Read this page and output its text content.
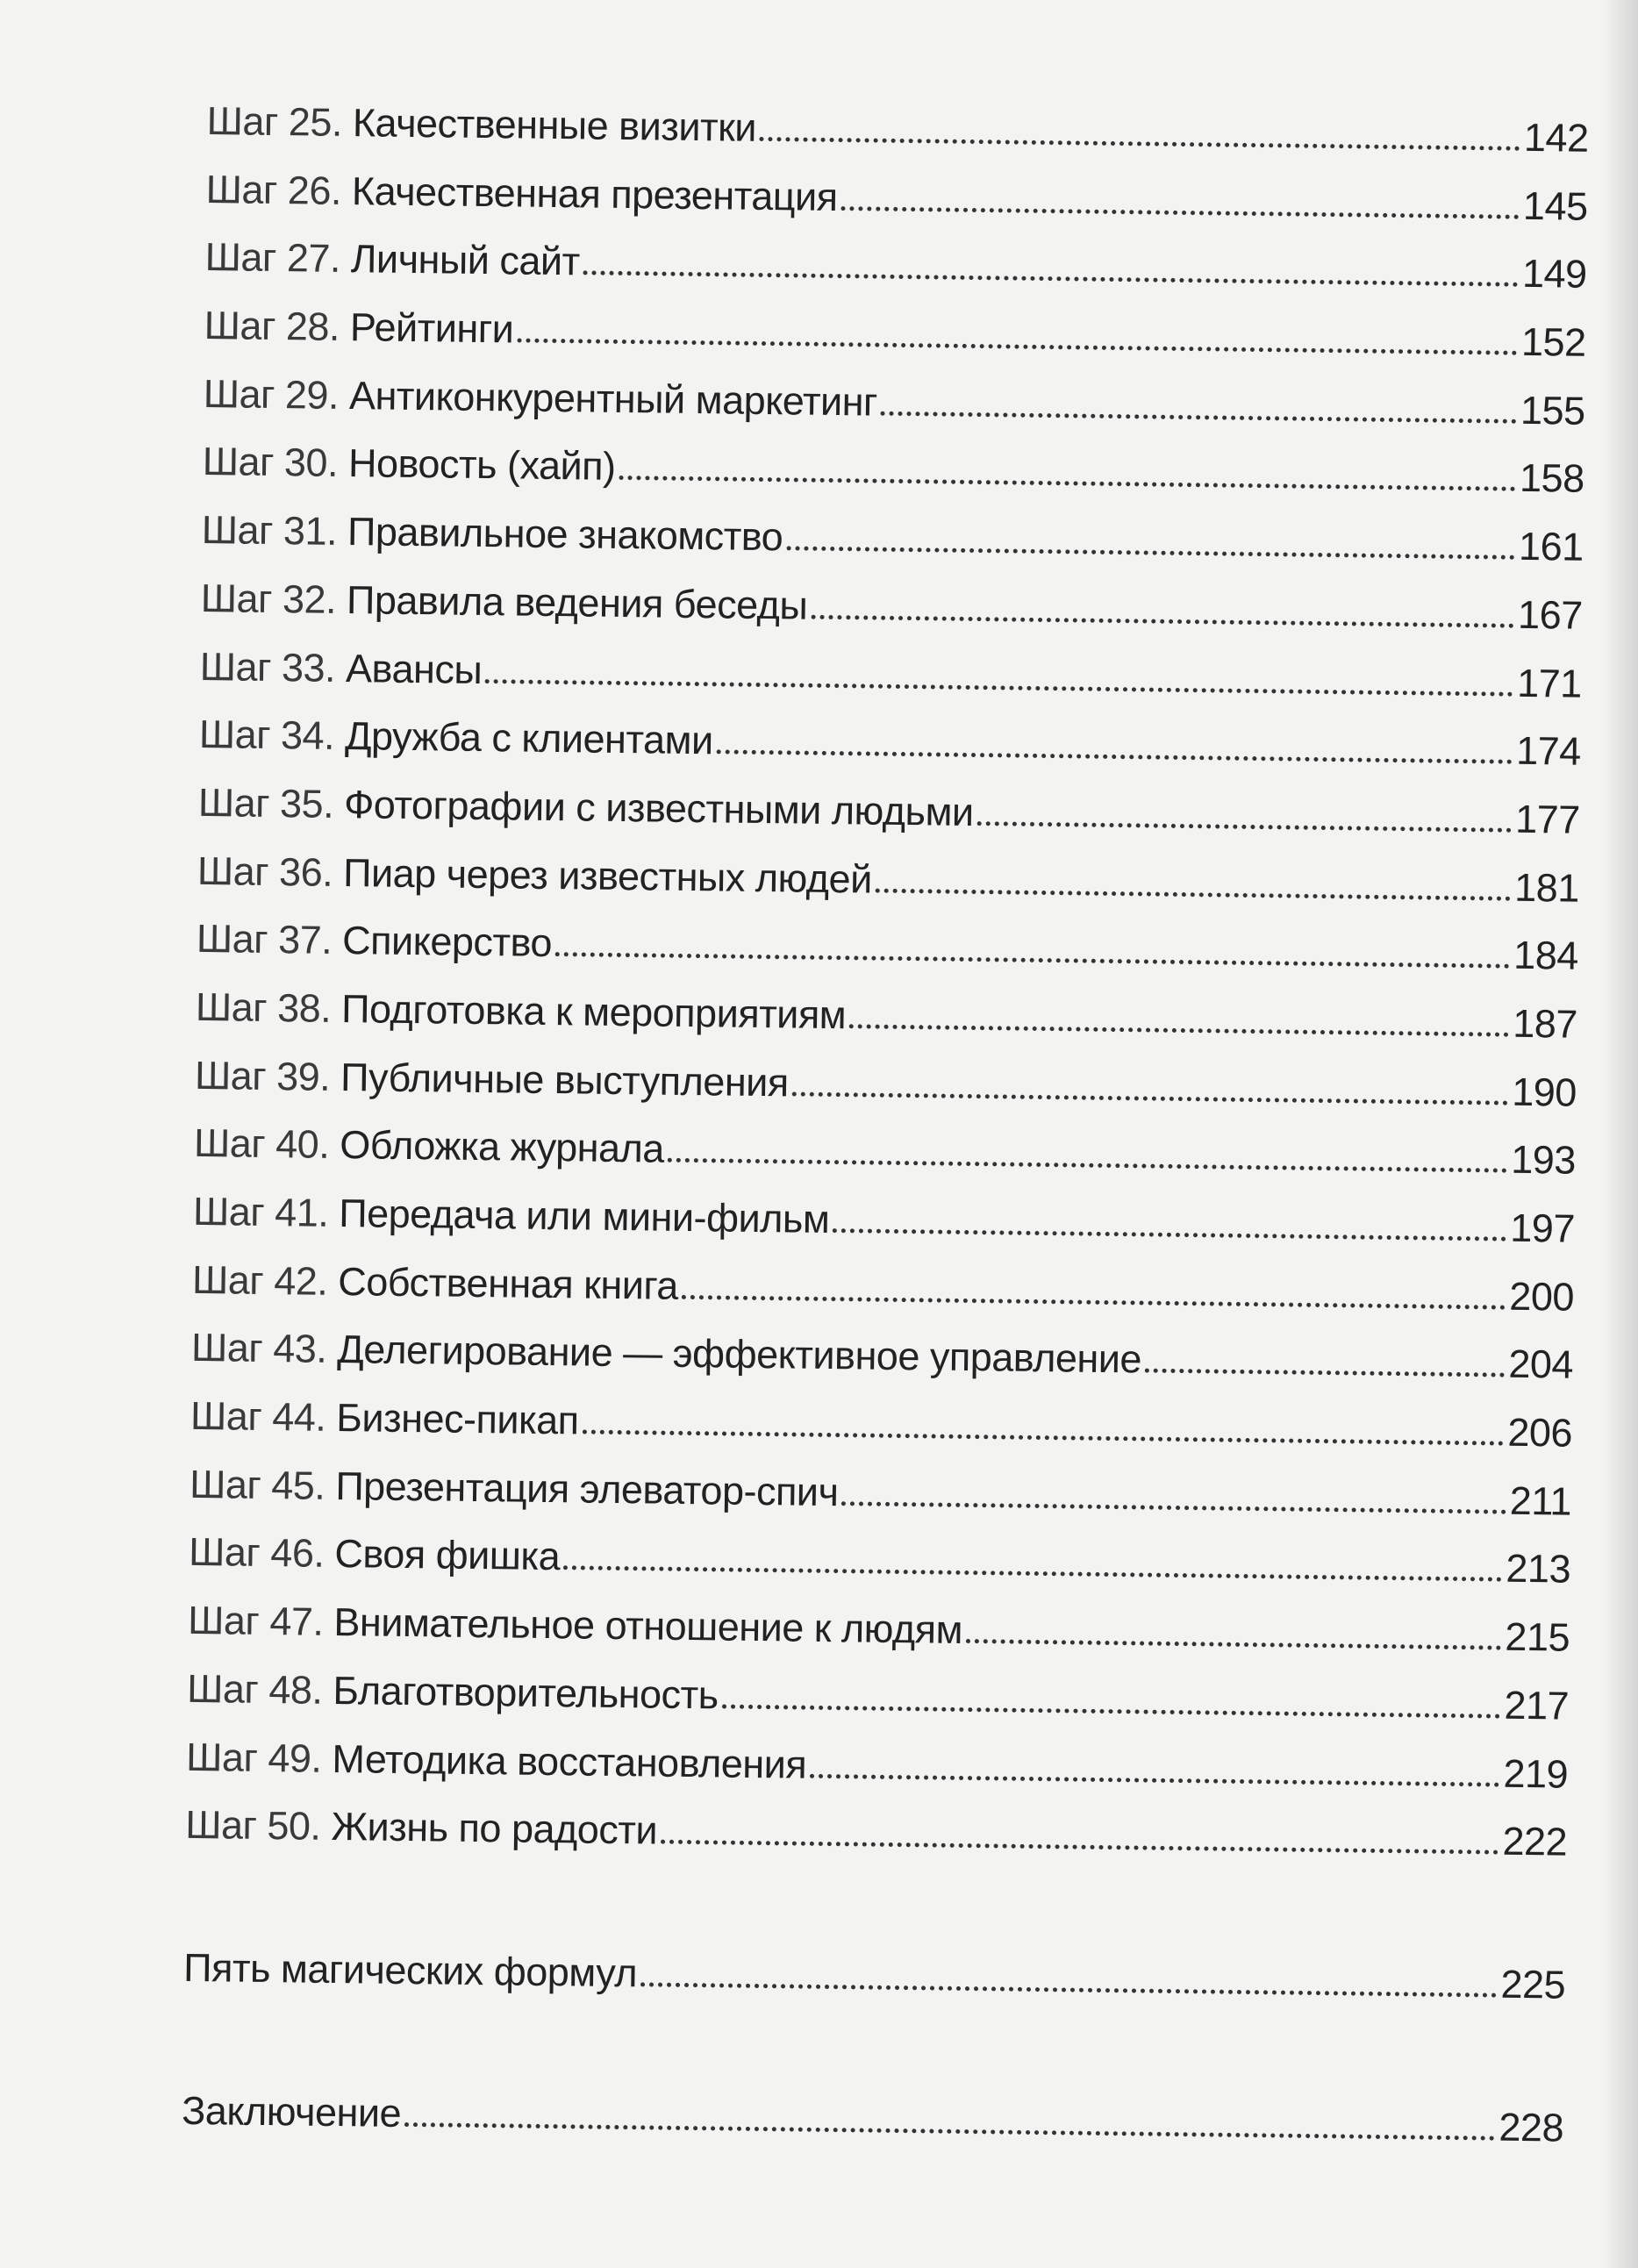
Шаг 25. Качественные визитки	142
Шаг 26. Качественная презентация	145
Шаг 27. Личный сайт	149
Шаг 28. Рейтинги	152
Шаг 29. Антиконкурентный маркетинг	155
Шаг 30. Новость (хайп)	158
Шаг 31. Правильное знакомство	161
Шаг 32. Правила ведения беседы	167
Шаг 33. Авансы	171
Шаг 34. Дружба с клиентами	174
Шаг 35. Фотографии с известными людьми	177
Шаг 36. Пиар через известных людей	181
Шаг 37. Спикерство	184
Шаг 38. Подготовка к мероприятиям	187
Шаг 39. Публичные выступления	190
Шаг 40. Обложка журнала	193
Шаг 41. Передача или мини-фильм	197
Шаг 42. Собственная книга	200
Шаг 43. Делегирование — эффективное управление	204
Шаг 44. Бизнес-пикап	206
Шаг 45. Презентация элеватор-спич	211
Шаг 46. Своя фишка	213
Шаг 47. Внимательное отношение к людям	215
Шаг 48. Благотворительность	217
Шаг 49. Методика восстановления	219
Шаг 50. Жизнь по радости	222
Пять магических формул	225
Заключение	228
